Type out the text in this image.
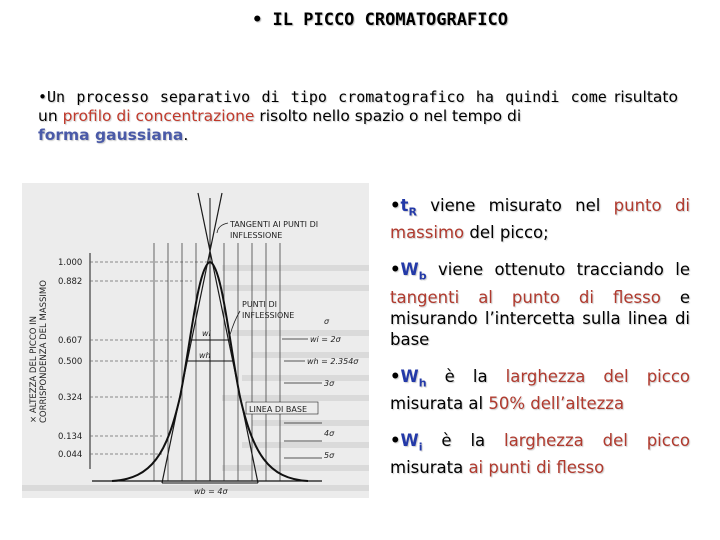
• IL PICCO CROMATOGRAFICO
•Un processo separativo di tipo cromatografico ha quindi come risultato un profilo di concentrazione risolto nello spazio o nel tempo di
forma gaussiana.
× ALTEZZA DEL PICCO IN CORRISPONDENZA DEL MASSIMO
1.000
0.882
0.607
0.500
0.324
0.134
0.044
TANGENTI AI PUNTI DI
INFLESSIONE
PUNTI DI
INFLESSIONE
wi
wh
wi = 2σ
wh = 2.354σ
wb = 4σ
σ
3σ
4σ
5σ
LINEA DI BASE
$•t_R$ viene misurato nel punto di massimo del picco;
$•W_b$ viene ottenuto tracciando le tangenti al punto di flesso e misurando l’intercetta sulla linea di base
$•W_h$ è la larghezza del picco misurata al 50% dell’altezza
$•W_i$ è la larghezza del picco misurata ai punti di flesso
